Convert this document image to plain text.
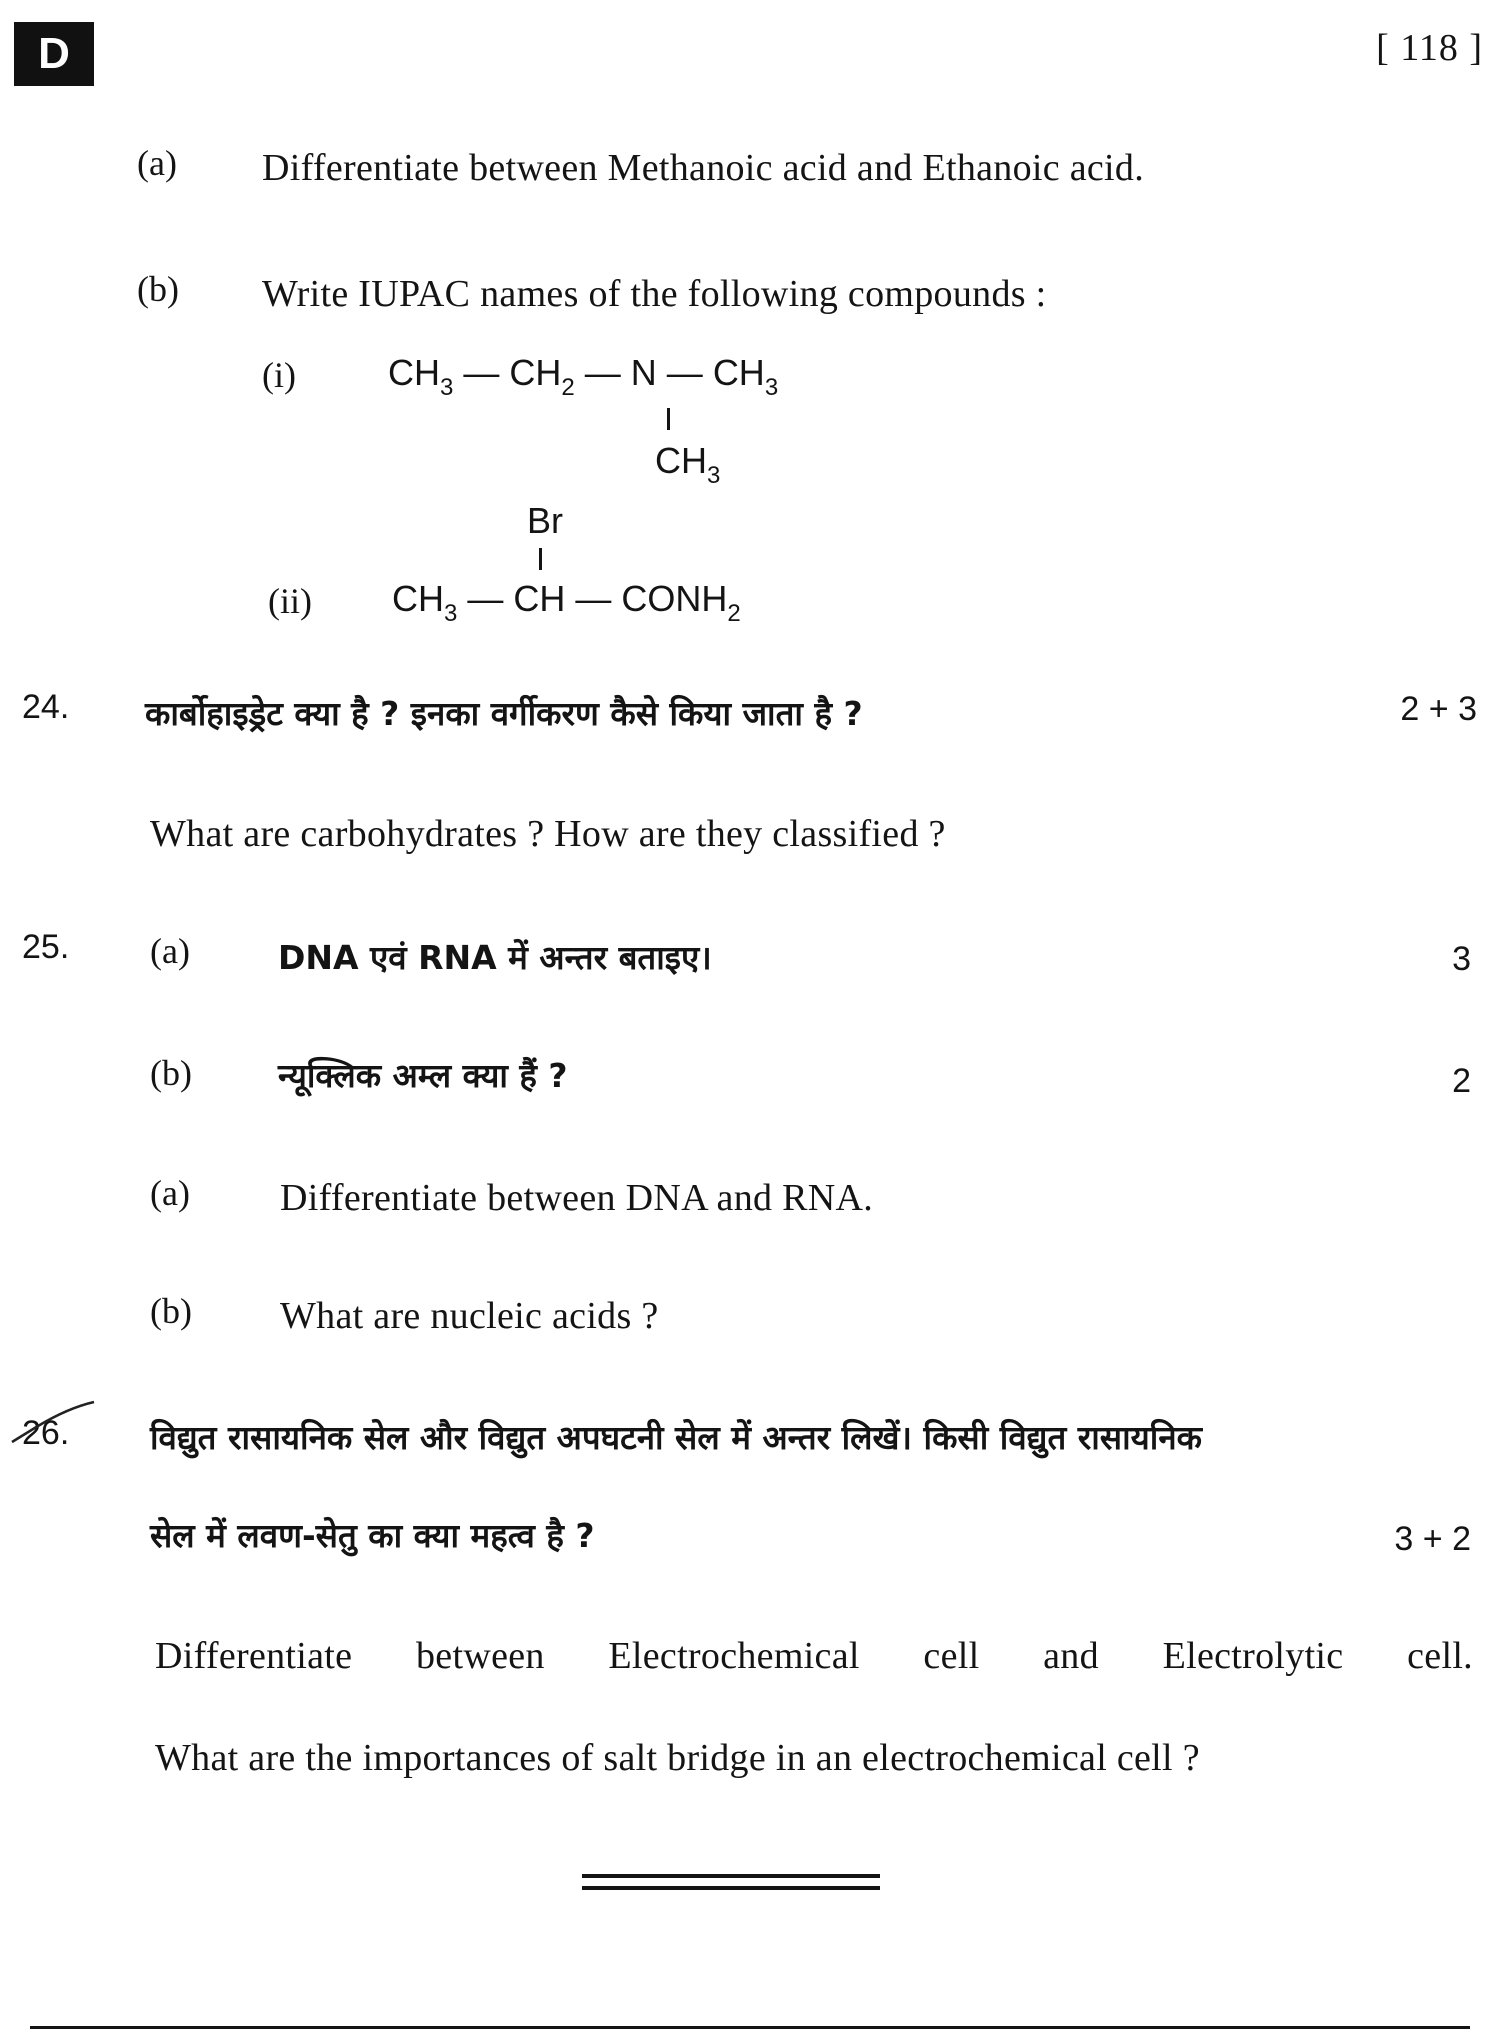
D	[ 118 ]
(a) Differentiate between Methanoic acid and Ethanoic acid.
(b) Write IUPAC names of the following compounds :
(i)	$CH_3$ — $CH_2$ — N — $CH_3$
$CH_3$
Br
(ii) $CH_3$ — CH — $CONH_2$
24. कार्बोहाइड्रेट क्या है ? इनका वर्गीकरण कैसे किया जाता है ?	2 + 3
What are carbohydrates ? How are they classified ?
25. (a)	DNA एवं RNA में अन्तर बताइए।	3
(b)	न्यूक्लिक अम्ल क्या हैं ?	2
(a) Differentiate between DNA and RNA.
(b) What are nucleic acids ?
26. विद्युत रासायनिक सेल और विद्युत अपघटनी सेल में अन्तर लिखें। किसी विद्युत रासायनिक
सेल में लवण-सेतु का क्या महत्व है ?	3 + 2
Differentiate between Electrochemical cell and Electrolytic cell.
What are the importances of salt bridge in an electrochemical cell ?
